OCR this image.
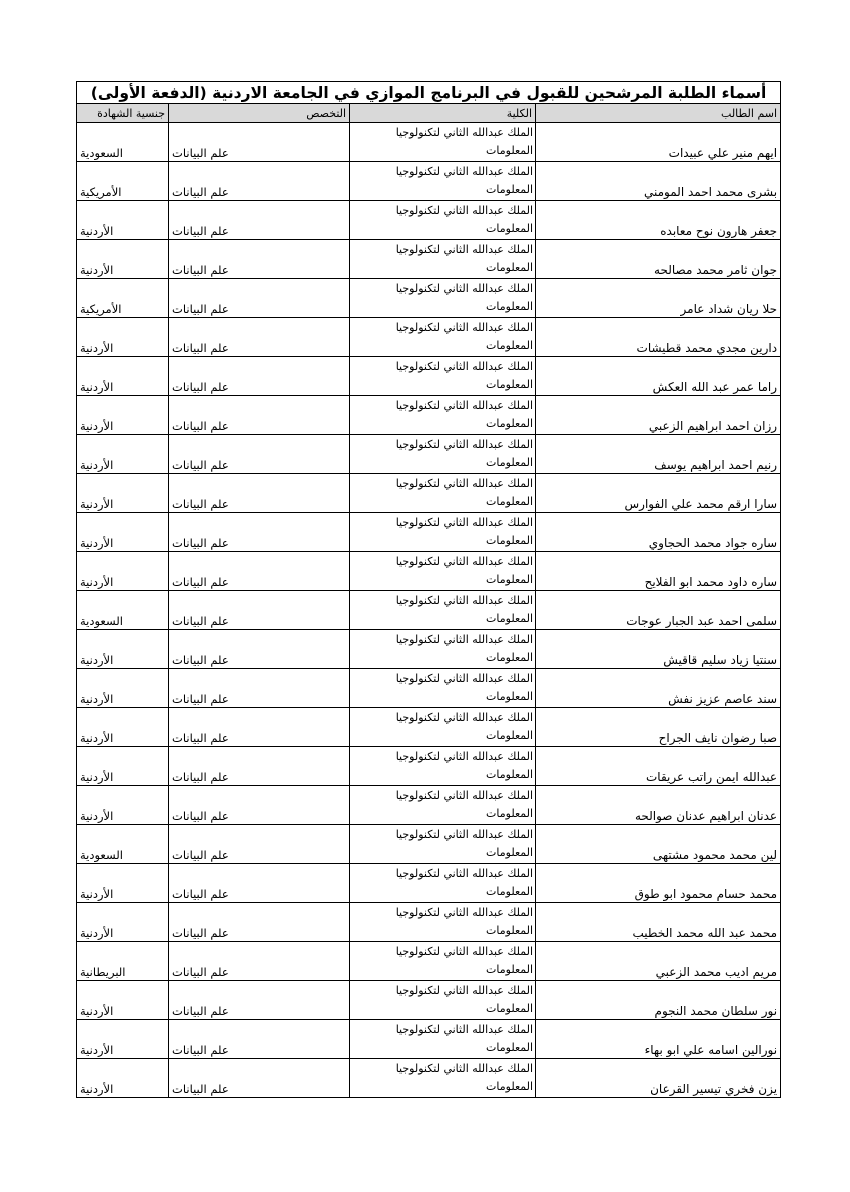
أسماء الطلبة المرشحين للقبول في البرنامج الموازي في الجامعة الاردنية (الدفعة الأولى)			
اسم الطالب	الكلية	التخصص	جنسية الشهادة
ايهم منير علي عبيدات	الملك عبدالله الثاني لتكنولوجيا
المعلومات	علم البيانات	السعودية
بشرى محمد احمد المومني	الملك عبدالله الثاني لتكنولوجيا
المعلومات	علم البيانات	الأمريكية
جعفر هارون نوح معابده	الملك عبدالله الثاني لتكنولوجيا
المعلومات	علم البيانات	الأردنية
جوان ثامر محمد مصالحه	الملك عبدالله الثاني لتكنولوجيا
المعلومات	علم البيانات	الأردنية
حلا ريان شداد عامر	الملك عبدالله الثاني لتكنولوجيا
المعلومات	علم البيانات	الأمريكية
دارين مجدي محمد قطيشات	الملك عبدالله الثاني لتكنولوجيا
المعلومات	علم البيانات	الأردنية
راما عمر عبد الله العكش	الملك عبدالله الثاني لتكنولوجيا
المعلومات	علم البيانات	الأردنية
رزان احمد ابراهيم الزعبي	الملك عبدالله الثاني لتكنولوجيا
المعلومات	علم البيانات	الأردنية
رنيم احمد ابراهيم يوسف	الملك عبدالله الثاني لتكنولوجيا
المعلومات	علم البيانات	الأردنية
سارا ارقم محمد علي الفوارس	الملك عبدالله الثاني لتكنولوجيا
المعلومات	علم البيانات	الأردنية
ساره جواد محمد الحجاوي	الملك عبدالله الثاني لتكنولوجيا
المعلومات	علم البيانات	الأردنية
ساره داود محمد ابو الفلايح	الملك عبدالله الثاني لتكنولوجيا
المعلومات	علم البيانات	الأردنية
سلمى احمد عبد الجبار عوجات	الملك عبدالله الثاني لتكنولوجيا
المعلومات	علم البيانات	السعودية
سنتيا زياد سليم قاقيش	الملك عبدالله الثاني لتكنولوجيا
المعلومات	علم البيانات	الأردنية
سند عاصم عزيز نفش	الملك عبدالله الثاني لتكنولوجيا
المعلومات	علم البيانات	الأردنية
صبا رضوان نايف الجراح	الملك عبدالله الثاني لتكنولوجيا
المعلومات	علم البيانات	الأردنية
عبدالله ايمن راتب عريقات	الملك عبدالله الثاني لتكنولوجيا
المعلومات	علم البيانات	الأردنية
عدنان ابراهيم عدنان صوالحه	الملك عبدالله الثاني لتكنولوجيا
المعلومات	علم البيانات	الأردنية
لين محمد محمود مشتهى	الملك عبدالله الثاني لتكنولوجيا
المعلومات	علم البيانات	السعودية
محمد حسام محمود ابو طوق	الملك عبدالله الثاني لتكنولوجيا
المعلومات	علم البيانات	الأردنية
محمد عبد الله محمد الخطيب	الملك عبدالله الثاني لتكنولوجيا
المعلومات	علم البيانات	الأردنية
مريم اديب محمد الزعبي	الملك عبدالله الثاني لتكنولوجيا
المعلومات	علم البيانات	البريطانية
نور سلطان محمد النجوم	الملك عبدالله الثاني لتكنولوجيا
المعلومات	علم البيانات	الأردنية
نورالين اسامه علي ابو بهاء	الملك عبدالله الثاني لتكنولوجيا
المعلومات	علم البيانات	الأردنية
يزن فخري تيسير القرعان	الملك عبدالله الثاني لتكنولوجيا
المعلومات	علم البيانات	الأردنية
